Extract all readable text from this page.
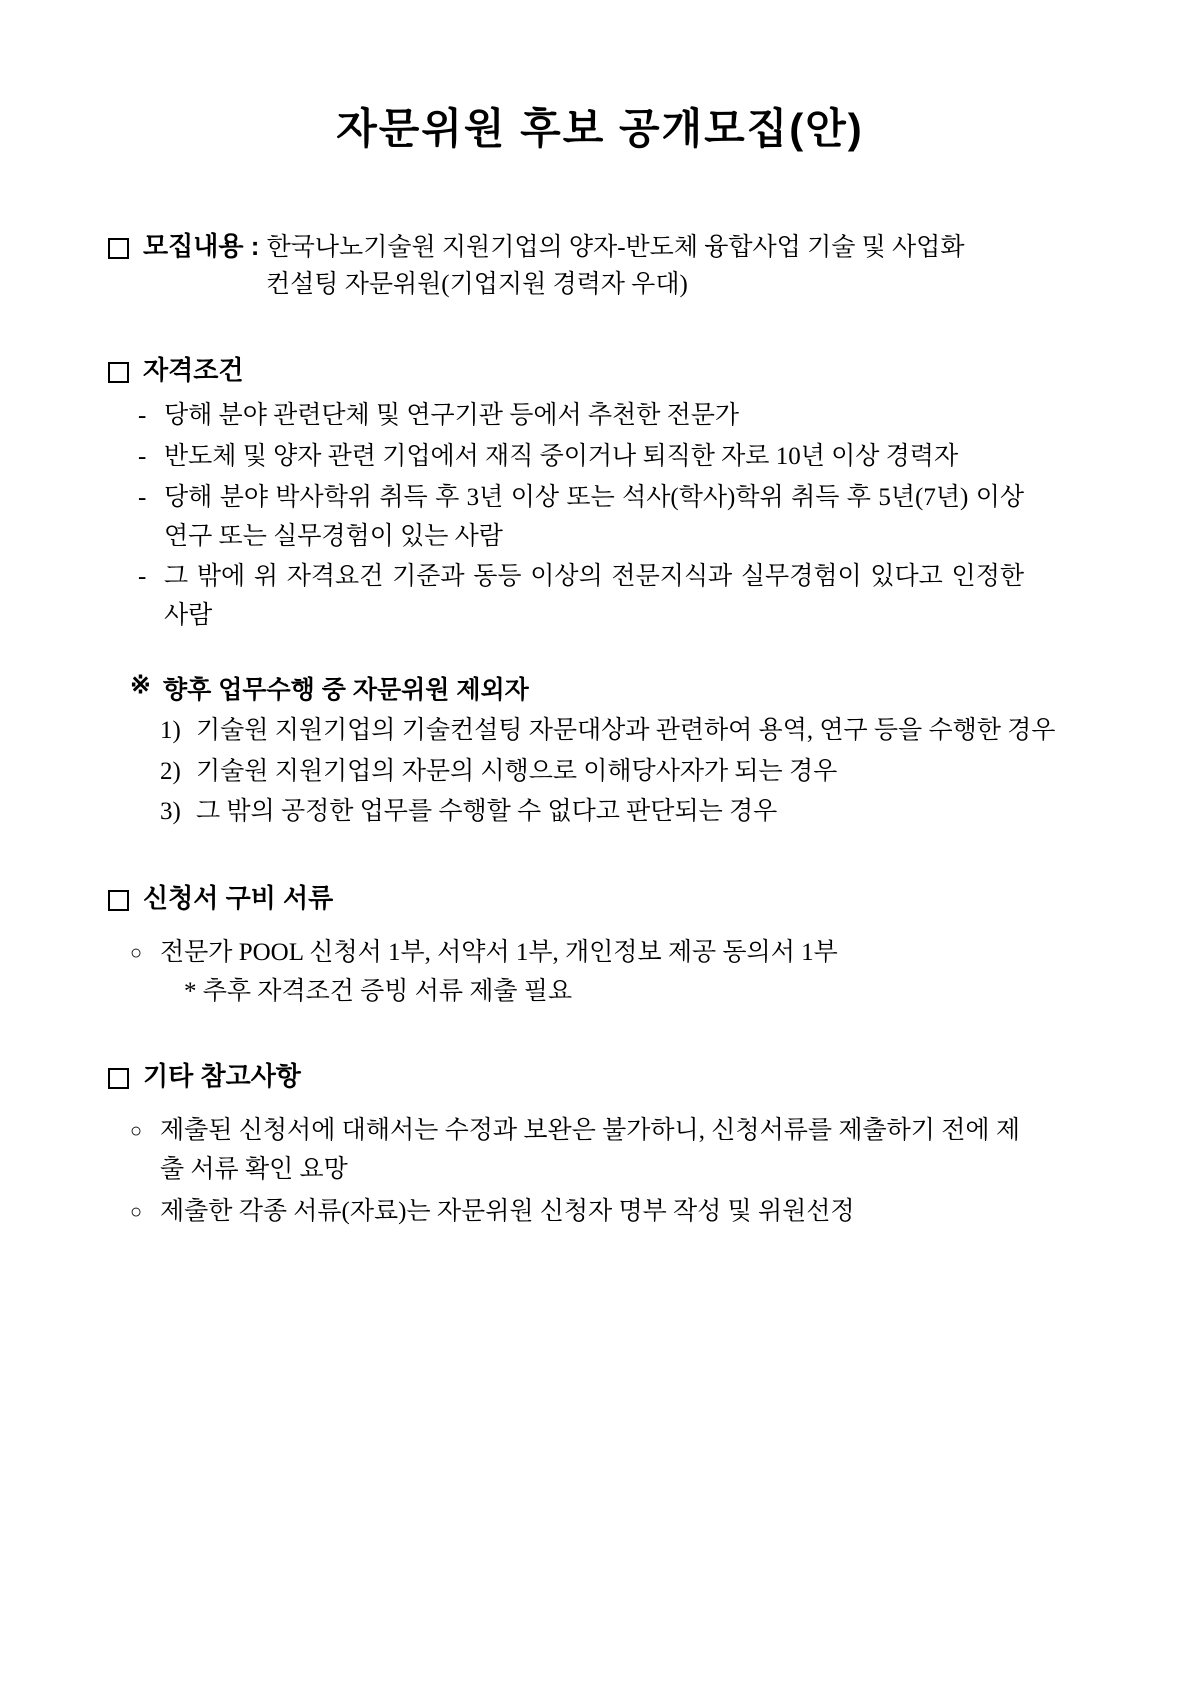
자문위원 후보 공개모집(안)
모집내용 : 한국나노기술원 지원기업의 양자-반도체 융합사업 기술 및 사업화
컨설팅 자문위원(기업지원 경력자 우대)
자격조건
- 당해 분야 관련단체 및 연구기관 등에서 추천한 전문가
- 반도체 및 양자 관련 기업에서 재직 중이거나 퇴직한 자로 10년 이상 경력자
- 당해 분야 박사학위 취득 후 3년 이상 또는 석사(학사)학위 취득 후 5년(7년) 이상 연구 또는 실무경험이 있는 사람
- 그 밖에 위 자격요건 기준과 동등 이상의 전문지식과 실무경험이 있다고 인정한 사람
※ 향후 업무수행 중 자문위원 제외자
1) 기술원 지원기업의 기술컨설팅 자문대상과 관련하여 용역, 연구 등을 수행한 경우
2) 기술원 지원기업의 자문의 시행으로 이해당사자가 되는 경우
3) 그 밖의 공정한 업무를 수행할 수 없다고 판단되는 경우
신청서 구비 서류
○ 전문가 POOL 신청서 1부, 서약서 1부, 개인정보 제공 동의서 1부
* 추후 자격조건 증빙 서류 제출 필요
기타 참고사항
○ 제출된 신청서에 대해서는 수정과 보완은 불가하니, 신청서류를 제출하기 전에 제출 서류 확인 요망
○ 제출한 각종 서류(자료)는 자문위원 신청자 명부 작성 및 위원선정
